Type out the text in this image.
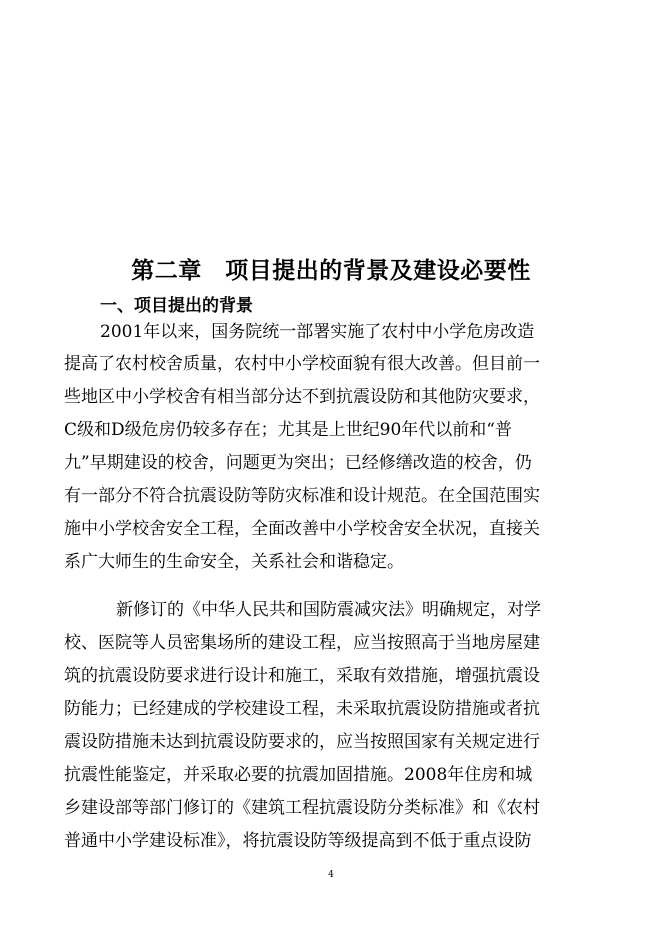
第二章　项目提出的背景及建设必要性
一、项目提出的背景
2001年以来，国务院统一部署实施了农村中小学危房改造
提高了农村校舍质量，农村中小学校面貌有很大改善。但目前一
些地区中小学校舍有相当部分达不到抗震设防和其他防灾要求，
C级和D级危房仍较多存在；尤其是上世纪90年代以前和“普
九”早期建设的校舍，问题更为突出；已经修缮改造的校舍，仍
有一部分不符合抗震设防等防灾标准和设计规范。在全国范围实
施中小学校舍安全工程，全面改善中小学校舍安全状况，直接关
系广大师生的生命安全，关系社会和谐稳定。
新修订的《中华人民共和国防震减灾法》明确规定，对学
校、医院等人员密集场所的建设工程，应当按照高于当地房屋建
筑的抗震设防要求进行设计和施工，采取有效措施，增强抗震设
防能力；已经建成的学校建设工程，未采取抗震设防措施或者抗
震设防措施未达到抗震设防要求的，应当按照国家有关规定进行
抗震性能鉴定，并采取必要的抗震加固措施。2008年住房和城
乡建设部等部门修订的《建筑工程抗震设防分类标准》和《农村
普通中小学建设标准》，将抗震设防等级提高到不低于重点设防
4
